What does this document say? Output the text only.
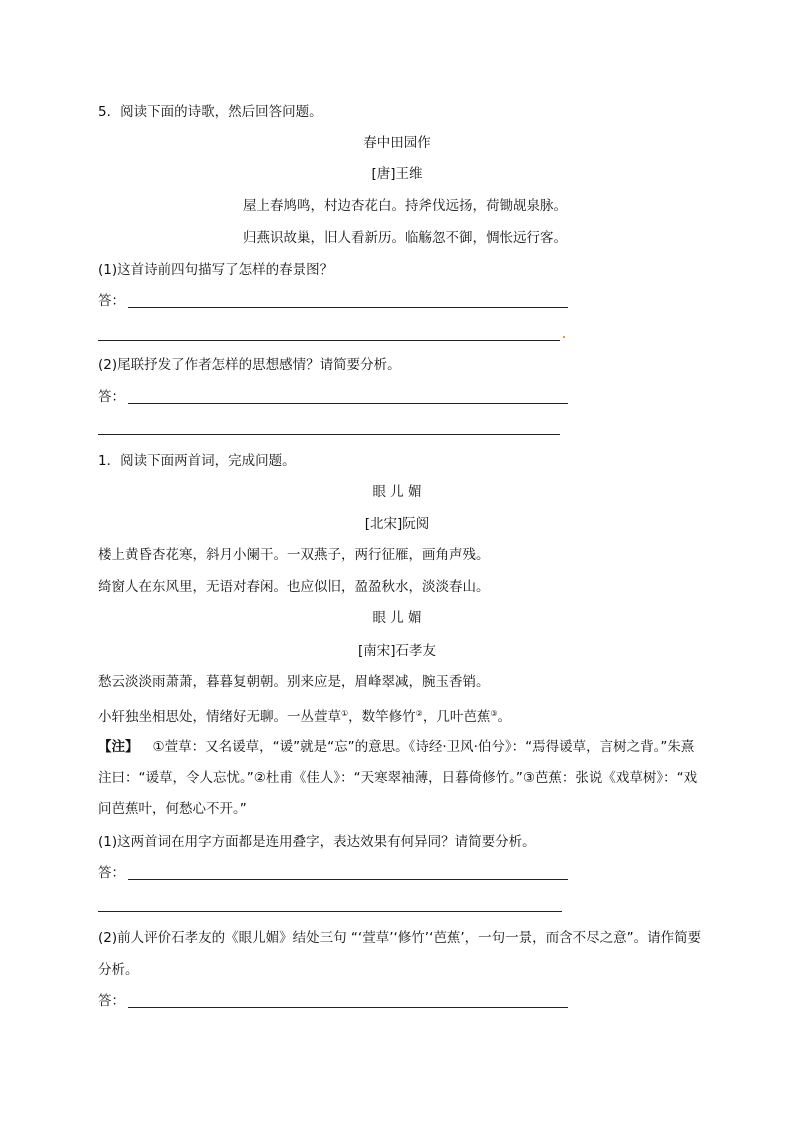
5．阅读下面的诗歌，然后回答问题。
春中田园作
[唐]王维
屋上春鸠鸣，村边杏花白。持斧伐远扬，荷锄觇泉脉。
归燕识故巢，旧人看新历。临觞忽不御，惆怅远行客。
(1)这首诗前四句描写了怎样的春景图？
答：
(2)尾联抒发了作者怎样的思想感情？请简要分析。
答：
1．阅读下面两首词，完成问题。
眼 儿 媚
[北宋]阮阅
楼上黄昏杏花寒，斜月小阑干。一双燕子，两行征雁，画角声残。
绮窗人在东风里，无语对春闲。也应似旧，盈盈秋水，淡淡春山。
眼 儿 媚
[南宋]石孝友
愁云淡淡雨萧萧，暮暮复朝朝。别来应是，眉峰翠减，腕玉香销。
小轩独坐相思处，情绪好无聊。一丛萱草①，数竿修竹②，几叶芭蕉③。
【注】 ①萱草：又名谖草，“谖”就是“忘”的意思。《诗经·卫风·伯兮》：“焉得谖草，言树之背。”朱熹
注曰：“谖草，令人忘忧。”②杜甫《佳人》：“天寒翠袖薄，日暮倚修竹。”③芭蕉：张说《戏草树》：“戏
问芭蕉叶，何愁心不开。”
(1)这两首词在用字方面都是连用叠字，表达效果有何异同？请简要分析。
答：
(2)前人评价石孝友的《眼儿媚》结处三句 “‘萱草’‘修竹’‘芭蕉’，一句一景，而含不尽之意”。请作简要
分析。
答：
